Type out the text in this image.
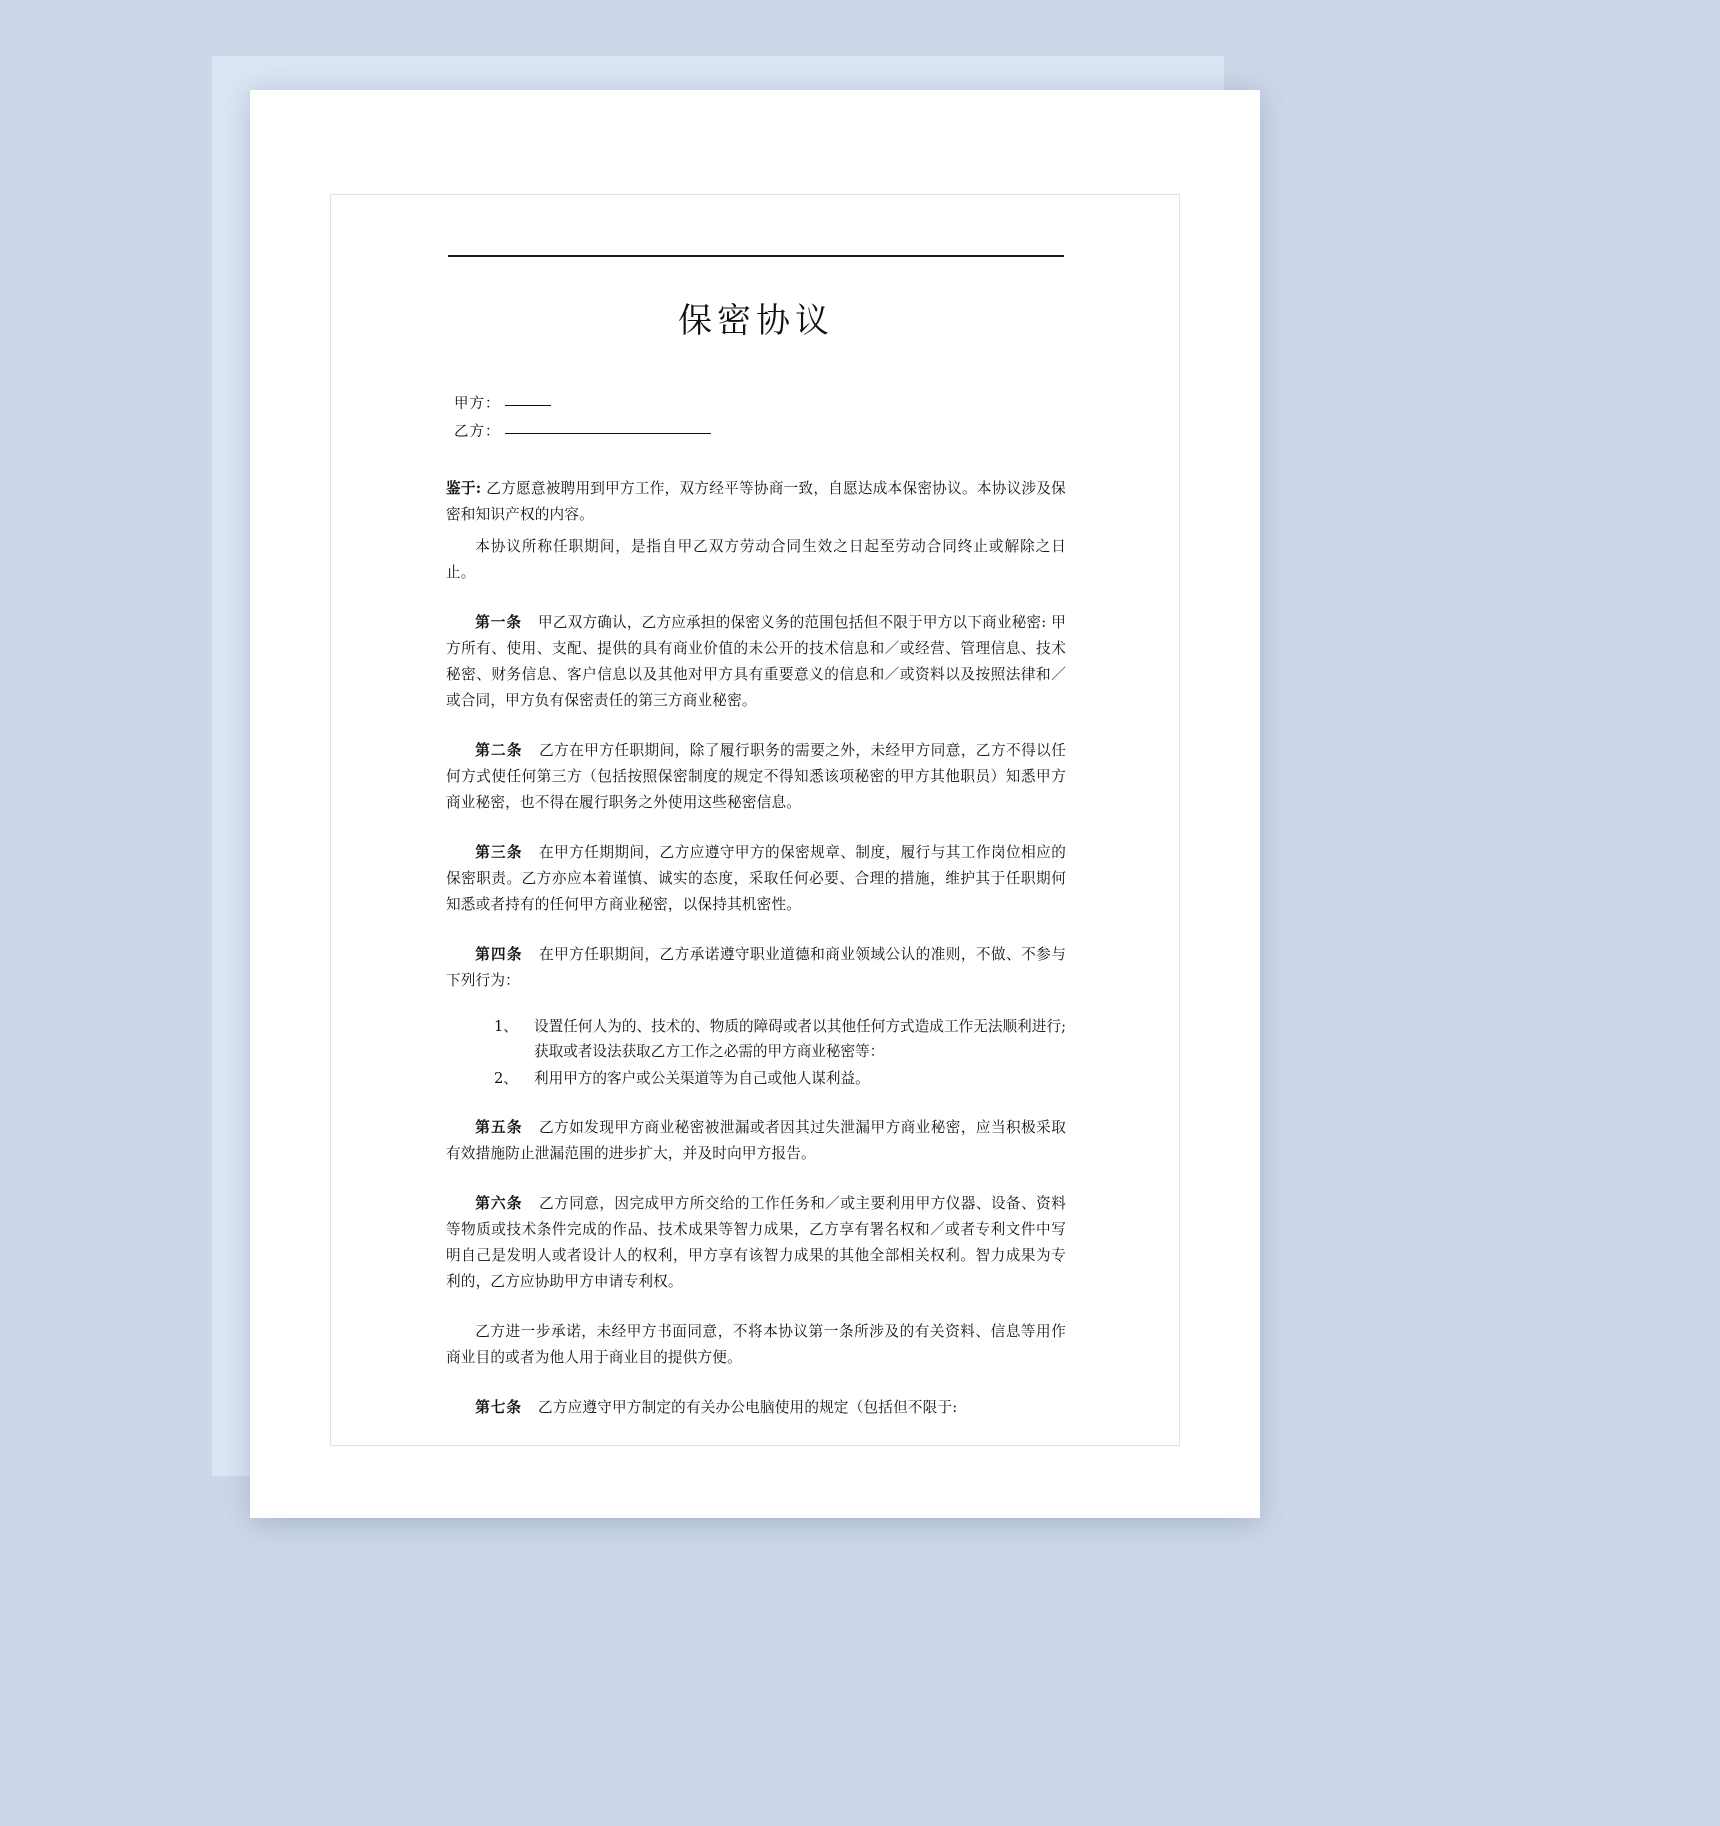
保密协议
甲方：
乙方：

鉴于: 乙方愿意被聘用到甲方工作，双方经平等协商一致，自愿达成本保密协议。本协议涉及保密和知识产权的内容。

本协议所称任职期间，是指自甲乙双方劳动合同生效之日起至劳动合同终止或解除之日止。

第一条 甲乙双方确认，乙方应承担的保密义务的范围包括但不限于甲方以下商业秘密: 甲方所有、使用、支配、提供的具有商业价值的未公开的技术信息和／或经营、管理信息、技术秘密、财务信息、客户信息以及其他对甲方具有重要意义的信息和／或资料以及按照法律和／或合同，甲方负有保密责任的第三方商业秘密。

第二条 乙方在甲方任职期间，除了履行职务的需要之外，未经甲方同意，乙方不得以任何方式使任何第三方（包括按照保密制度的规定不得知悉该项秘密的甲方其他职员）知悉甲方商业秘密，也不得在履行职务之外使用这些秘密信息。

第三条 在甲方任期期间，乙方应遵守甲方的保密规章、制度，履行与其工作岗位相应的保密职责。乙方亦应本着谨慎、诚实的态度，采取任何必要、合理的措施，维护其于任职期何知悉或者持有的任何甲方商业秘密，以保持其机密性。

第四条 在甲方任职期间，乙方承诺遵守职业道德和商业领域公认的准则，不做、不参与下列行为：

1、 设置任何人为的、技术的、物质的障碍或者以其他任何方式造成工作无法顺利进行; 获取或者设法获取乙方工作之必需的甲方商业秘密等：
2、 利用甲方的客户或公关渠道等为自己或他人谋利益。

第五条 乙方如发现甲方商业秘密被泄漏或者因其过失泄漏甲方商业秘密，应当积极采取有效措施防止泄漏范围的进步扩大，并及时向甲方报告。

第六条 乙方同意，因完成甲方所交给的工作任务和／或主要利用甲方仪器、设备、资料等物质或技术条件完成的作品、技术成果等智力成果，乙方享有署名权和／或者专利文件中写明自己是发明人或者设计人的权利，甲方享有该智力成果的其他全部相关权利。智力成果为专利的，乙方应协助甲方申请专利权。

乙方进一步承诺，未经甲方书面同意，不将本协议第一条所涉及的有关资料、信息等用作商业目的或者为他人用于商业目的提供方便。

第七条 乙方应遵守甲方制定的有关办公电脑使用的规定（包括但不限于:
